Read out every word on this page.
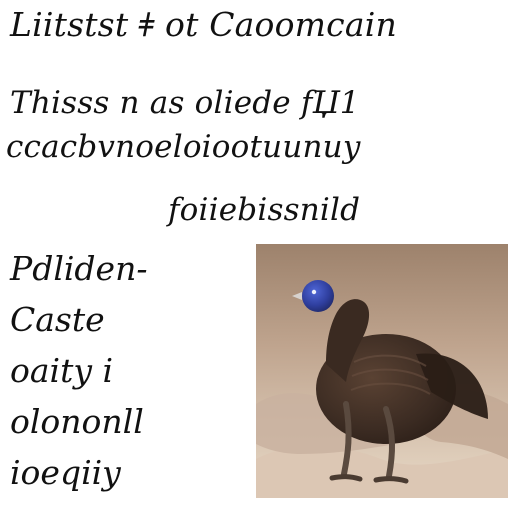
Liitstst ǂ ot Caoomcain
Thisss n as oliede fЏ1
ccacbvnoeloiootuunuy
foiiebissnild
Pdliden-
Caste
oaity i
olononll
ioeqiiy
